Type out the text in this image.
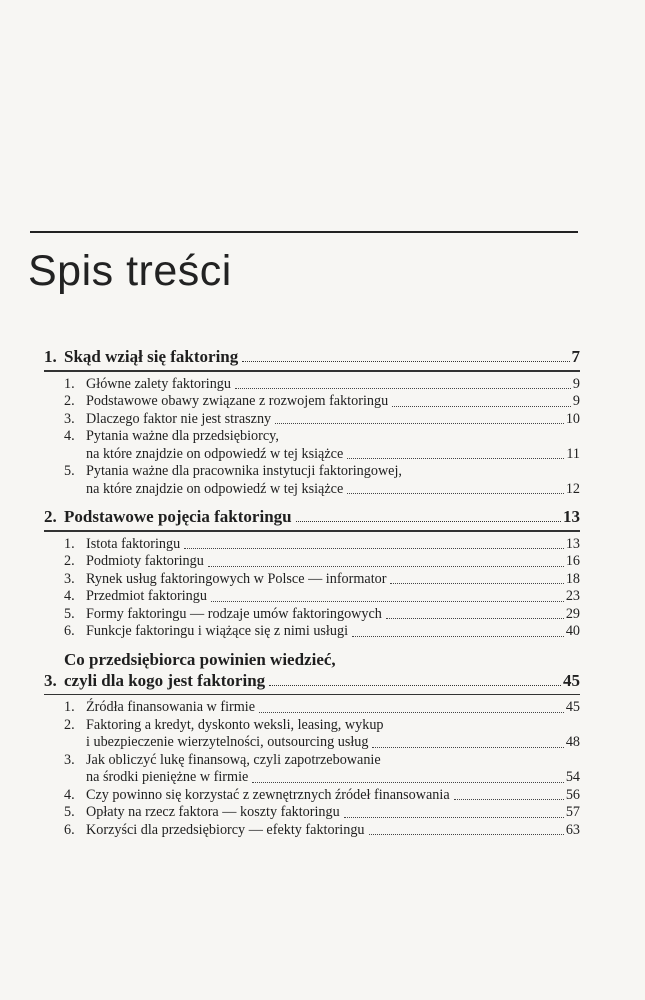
Spis treści
1. Skąd wziął się faktoring	7
1. Główne zalety faktoringu	9
2. Podstawowe obawy związane z rozwojem faktoringu	9
3. Dlaczego faktor nie jest straszny	10
4. Pytania ważne dla przedsiębiorcy,
na które znajdzie on odpowiedź w tej książce	11
5. Pytania ważne dla pracownika instytucji faktoringowej,
na które znajdzie on odpowiedź w tej książce	12
2. Podstawowe pojęcia faktoringu	13
1. Istota faktoringu	13
2. Podmioty faktoringu	16
3. Rynek usług faktoringowych w Polsce — informator	18
4. Przedmiot faktoringu	23
5. Formy faktoringu — rodzaje umów faktoringowych	29
6. Funkcje faktoringu i wiążące się z nimi usługi	40
3.
Co przedsiębiorca powinien wiedzieć,
czyli dla kogo jest faktoring	45
1. Źródła finansowania w firmie	45
2. Faktoring a kredyt, dyskonto weksli, leasing, wykup
i ubezpieczenie wierzytelności, outsourcing usług	48
3. Jak obliczyć lukę finansową, czyli zapotrzebowanie
na środki pieniężne w firmie	54
4. Czy powinno się korzystać z zewnętrznych źródeł finansowania	56
5. Opłaty na rzecz faktora — koszty faktoringu	57
6. Korzyści dla przedsiębiorcy — efekty faktoringu	63
